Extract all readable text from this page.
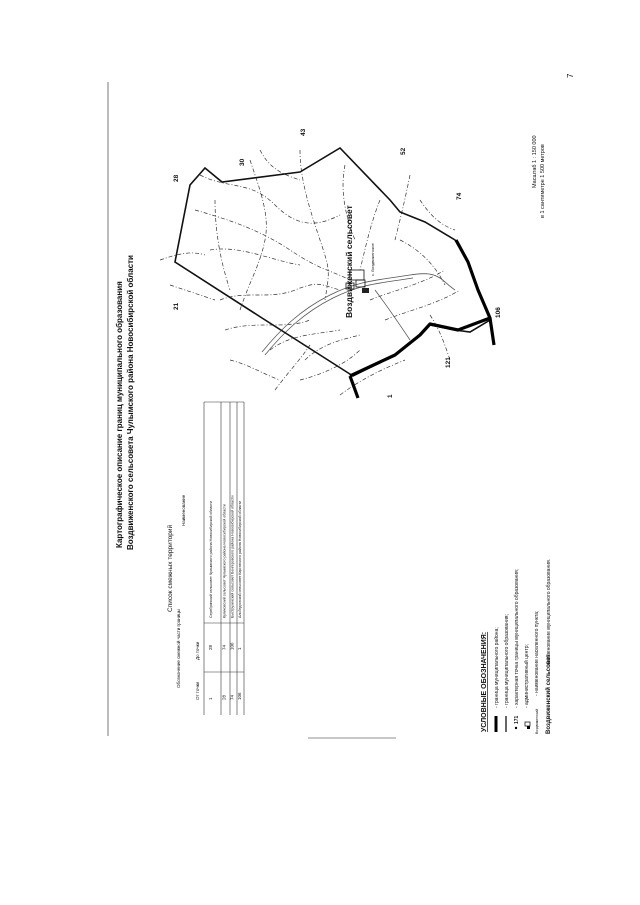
7
с. Воздвиженское
Воздвиженский сельсовет
1
21
28
30
43
52
74
106
121
Масштаб 1 : 150 000 в 1 сантиметре 1 500 метров
Картографическое описание границ муниципального образования Воздвиженского сельсовета Чулымского района Новосибирской области
Список смежных территорий
Обозначение смежной части границы
От точки
До точки
Наименование
1
28
Серебрянский сельсовет Чулымского района Новосибирской области
28
74
Куликовский сельсовет Чулымского района Новосибирской области
74
106
Быструхинский сельсовет Венгеровского района Новосибирской области
106
1
Альбедюнский сельсовет Каргатского района Новосибирской области
УСЛОВНЫЕ ОБОЗНАЧЕНИЯ: - граница муниципального района; - граница муниципального образования;
171
- характерная точка границы муниципального образования; - административный центр;
Воздвиженский
- наименование населенного пункта; Воздвиженский сельсовет
- наименование муниципального образования.
